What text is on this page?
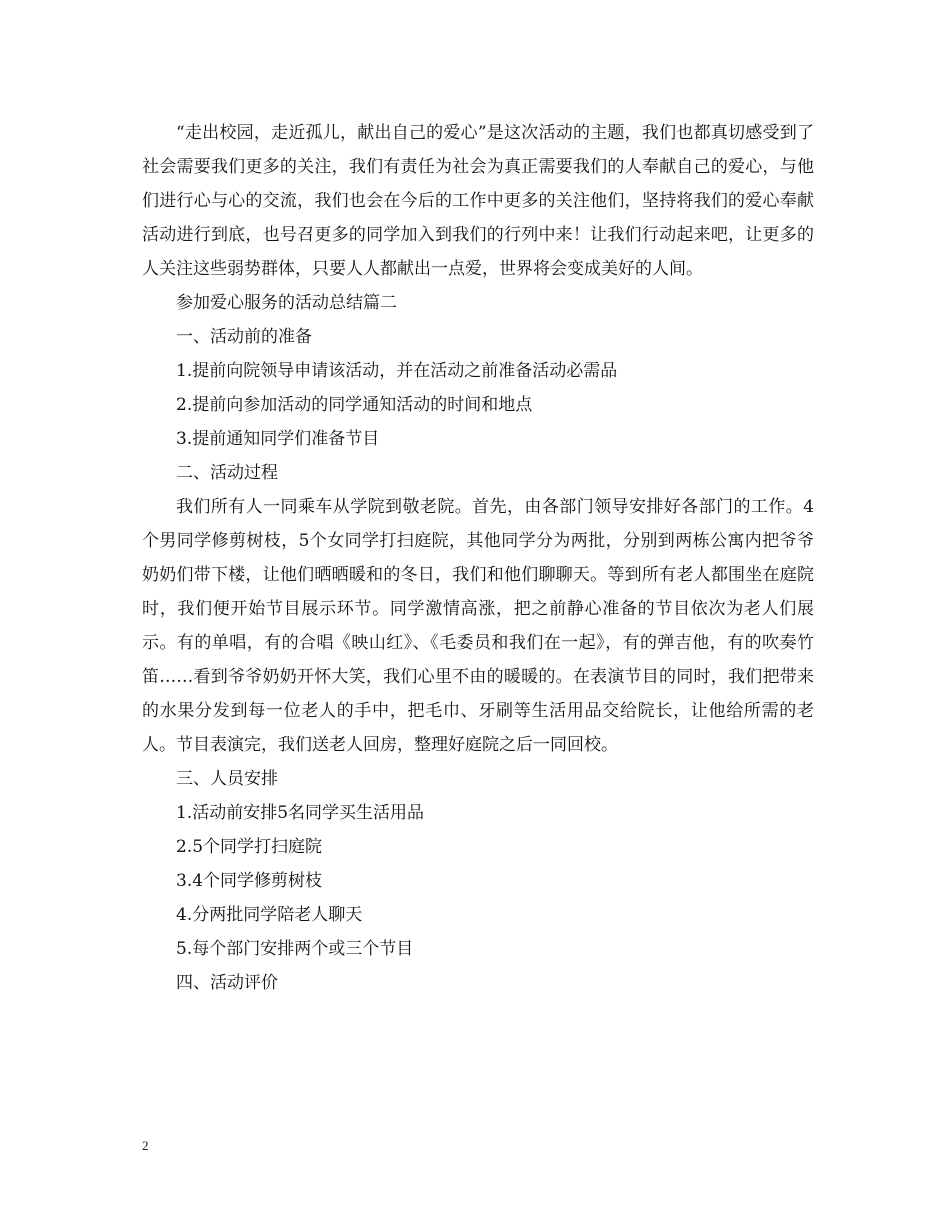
“走出校园，走近孤儿，献出自己的爱心”是这次活动的主题，我们也都真切感受到了社会需要我们更多的关注，我们有责任为社会为真正需要我们的人奉献自己的爱心，与他们进行心与心的交流，我们也会在今后的工作中更多的关注他们，坚持将我们的爱心奉献活动进行到底，也号召更多的同学加入到我们的行列中来！让我们行动起来吧，让更多的人关注这些弱势群体，只要人人都献出一点爱，世界将会变成美好的人间。

参加爱心服务的活动总结篇二

一、活动前的准备

1.提前向院领导申请该活动，并在活动之前准备活动必需品

2.提前向参加活动的同学通知活动的时间和地点

3.提前通知同学们准备节目

二、活动过程

我们所有人一同乘车从学院到敬老院。首先，由各部门领导安排好各部门的工作。4个男同学修剪树枝，5个女同学打扫庭院，其他同学分为两批，分别到两栋公寓内把爷爷奶奶们带下楼，让他们晒晒暖和的冬日，我们和他们聊聊天。等到所有老人都围坐在庭院时，我们便开始节目展示环节。同学激情高涨，把之前静心准备的节目依次为老人们展示。有的单唱，有的合唱《映山红》、《毛委员和我们在一起》，有的弹吉他，有的吹奏竹笛……看到爷爷奶奶开怀大笑，我们心里不由的暖暖的。在表演节目的同时，我们把带来的水果分发到每一位老人的手中，把毛巾、牙刷等生活用品交给院长，让他给所需的老人。节目表演完，我们送老人回房，整理好庭院之后一同回校。

三、人员安排

1.活动前安排5名同学买生活用品

2.5个同学打扫庭院

3.4个同学修剪树枝

4.分两批同学陪老人聊天

5.每个部门安排两个或三个节目

四、活动评价

2
